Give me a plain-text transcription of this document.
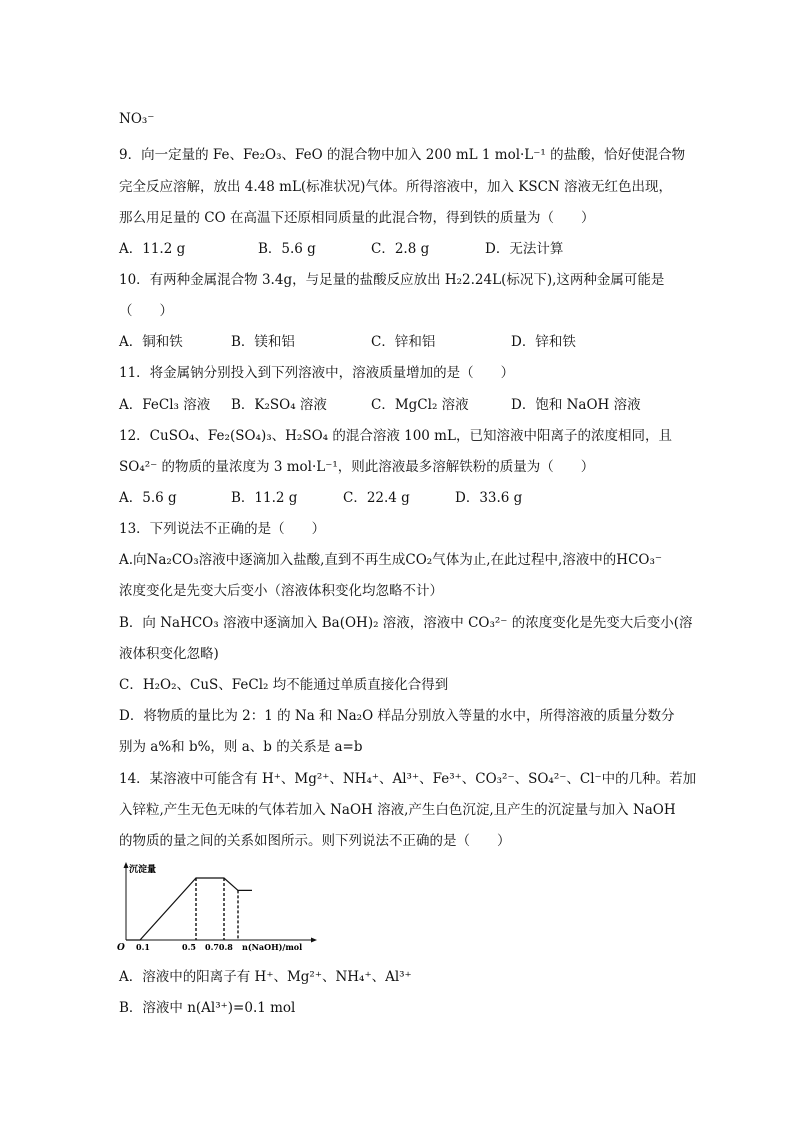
NO₃⁻
9．向一定量的 Fe、Fe₂O₃、FeO 的混合物中加入 200 mL 1 mol·L⁻¹ 的盐酸，恰好使混合物
完全反应溶解，放出 4.48 mL(标准状况)气体。所得溶液中，加入 KSCN 溶液无红色出现，
那么用足量的 CO 在高温下还原相同质量的此混合物，得到铁的质量为（　　）
A．11.2 g	B．5.6 g	C．2.8 g	D．无法计算
10．有两种金属混合物 3.4g，与足量的盐酸反应放出 H₂2.24L(标况下),这两种金属可能是
（　　）
A．铜和铁	B．镁和铝	C．锌和铝	D．锌和铁
11．将金属钠分别投入到下列溶液中，溶液质量增加的是（　　）
A．FeCl₃ 溶液 B．K₂SO₄ 溶液	C．MgCl₂ 溶液	D．饱和 NaOH 溶液
12．CuSO₄、Fe₂(SO₄)₃、H₂SO₄ 的混合溶液 100 mL，已知溶液中阳离子的浓度相同，且
SO₄²⁻ 的物质的量浓度为 3 mol·L⁻¹，则此溶液最多溶解铁粉的质量为（　　）
A．5.6 g	B．11.2 g	C．22.4 g	D．33.6 g
13．下列说法不正确的是（　　）
A.向Na₂CO₃溶液中逐滴加入盐酸,直到不再生成CO₂气体为止,在此过程中,溶液中的HCO₃⁻
浓度变化是先变大后变小（溶液体积变化均忽略不计）
B．向 NaHCO₃ 溶液中逐滴加入 Ba(OH)₂ 溶液，溶液中 CO₃²⁻ 的浓度变化是先变大后变小(溶
液体积变化忽略)
C．H₂O₂、CuS、FeCl₂ 均不能通过单质直接化合得到
D．将物质的量比为 2：1 的 Na 和 Na₂O 样品分别放入等量的水中，所得溶液的质量分数分
别为 a%和 b%，则 a、b 的关系是 a=b
14．某溶液中可能含有 H⁺、Mg²⁺、NH₄⁺、Al³⁺、Fe³⁺、CO₃²⁻、SO₄²⁻、Cl⁻中的几种。若加
入锌粒,产生无色无味的气体若加入 NaOH 溶液,产生白色沉淀,且产生的沉淀量与加入 NaOH
的物质的量之间的关系如图所示。则下列说法不正确的是（　　）
沉淀量
O 0.1	0.5 0.70.8 n(NaOH)/mol
A．溶液中的阳离子有 H⁺、Mg²⁺、NH₄⁺、Al³⁺
B．溶液中 n(Al³⁺)=0.1 mol
